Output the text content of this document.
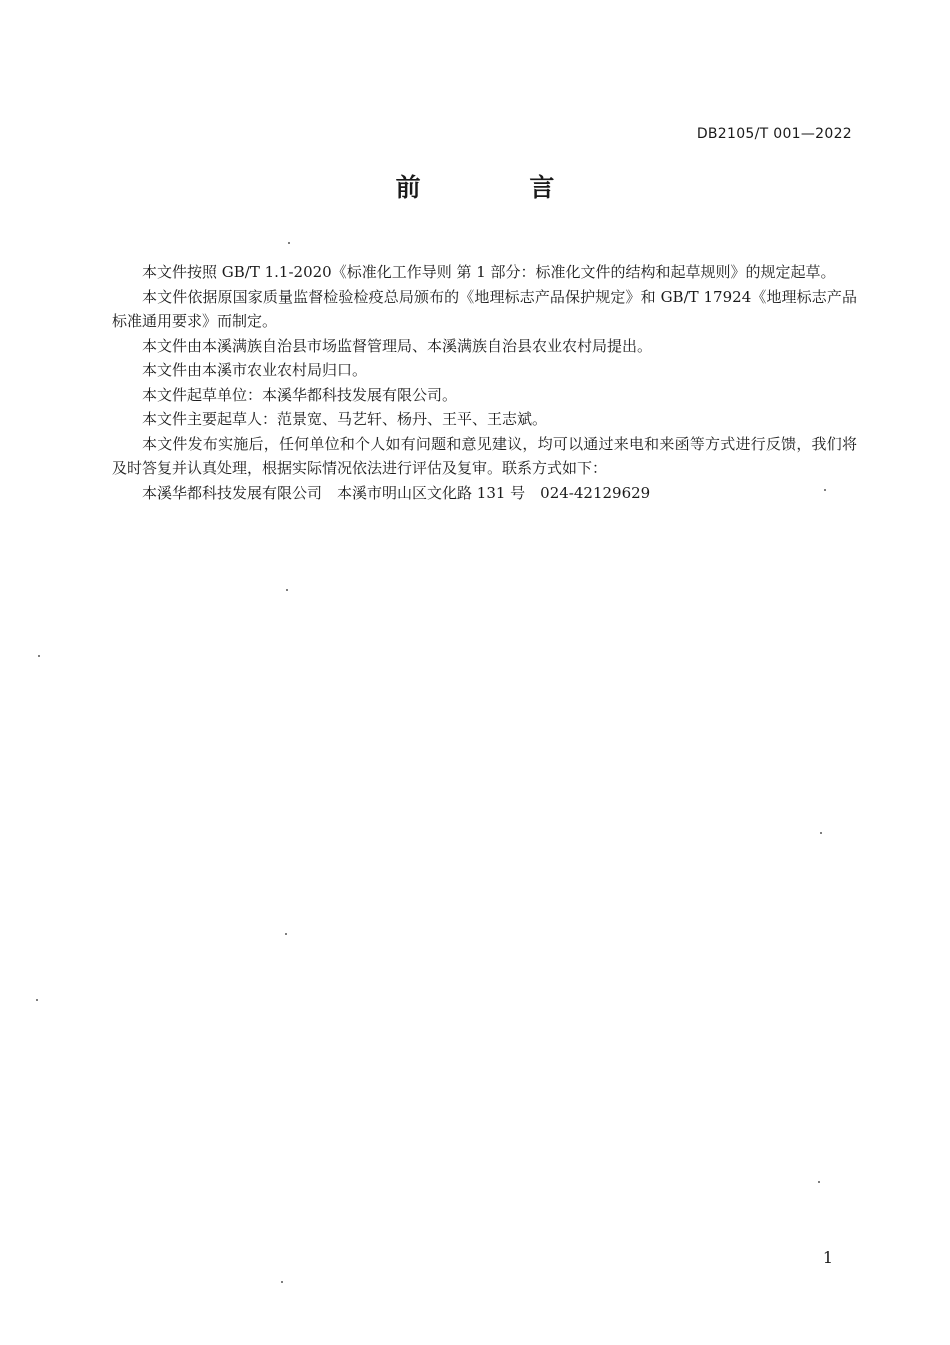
DB2105/T 001—2022
前 言

本文件按照 GB/T 1.1-2020《标准化工作导则 第 1 部分：标准化文件的结构和起草规则》的规定起草。

本文件依据原国家质量监督检验检疫总局颁布的《地理标志产品保护规定》和 GB/T 17924《地理标志产品标准通用要求》而制定。

本文件由本溪满族自治县市场监督管理局、本溪满族自治县农业农村局提出。

本文件由本溪市农业农村局归口。

本文件起草单位：本溪华都科技发展有限公司。

本文件主要起草人：范景宽、马艺轩、杨丹、王平、王志斌。

本文件发布实施后，任何单位和个人如有问题和意见建议，均可以通过来电和来函等方式进行反馈，我们将及时答复并认真处理，根据实际情况依法进行评估及复审。联系方式如下：

本溪华都科技发展有限公司　本溪市明山区文化路 131 号　024-42129629

1
